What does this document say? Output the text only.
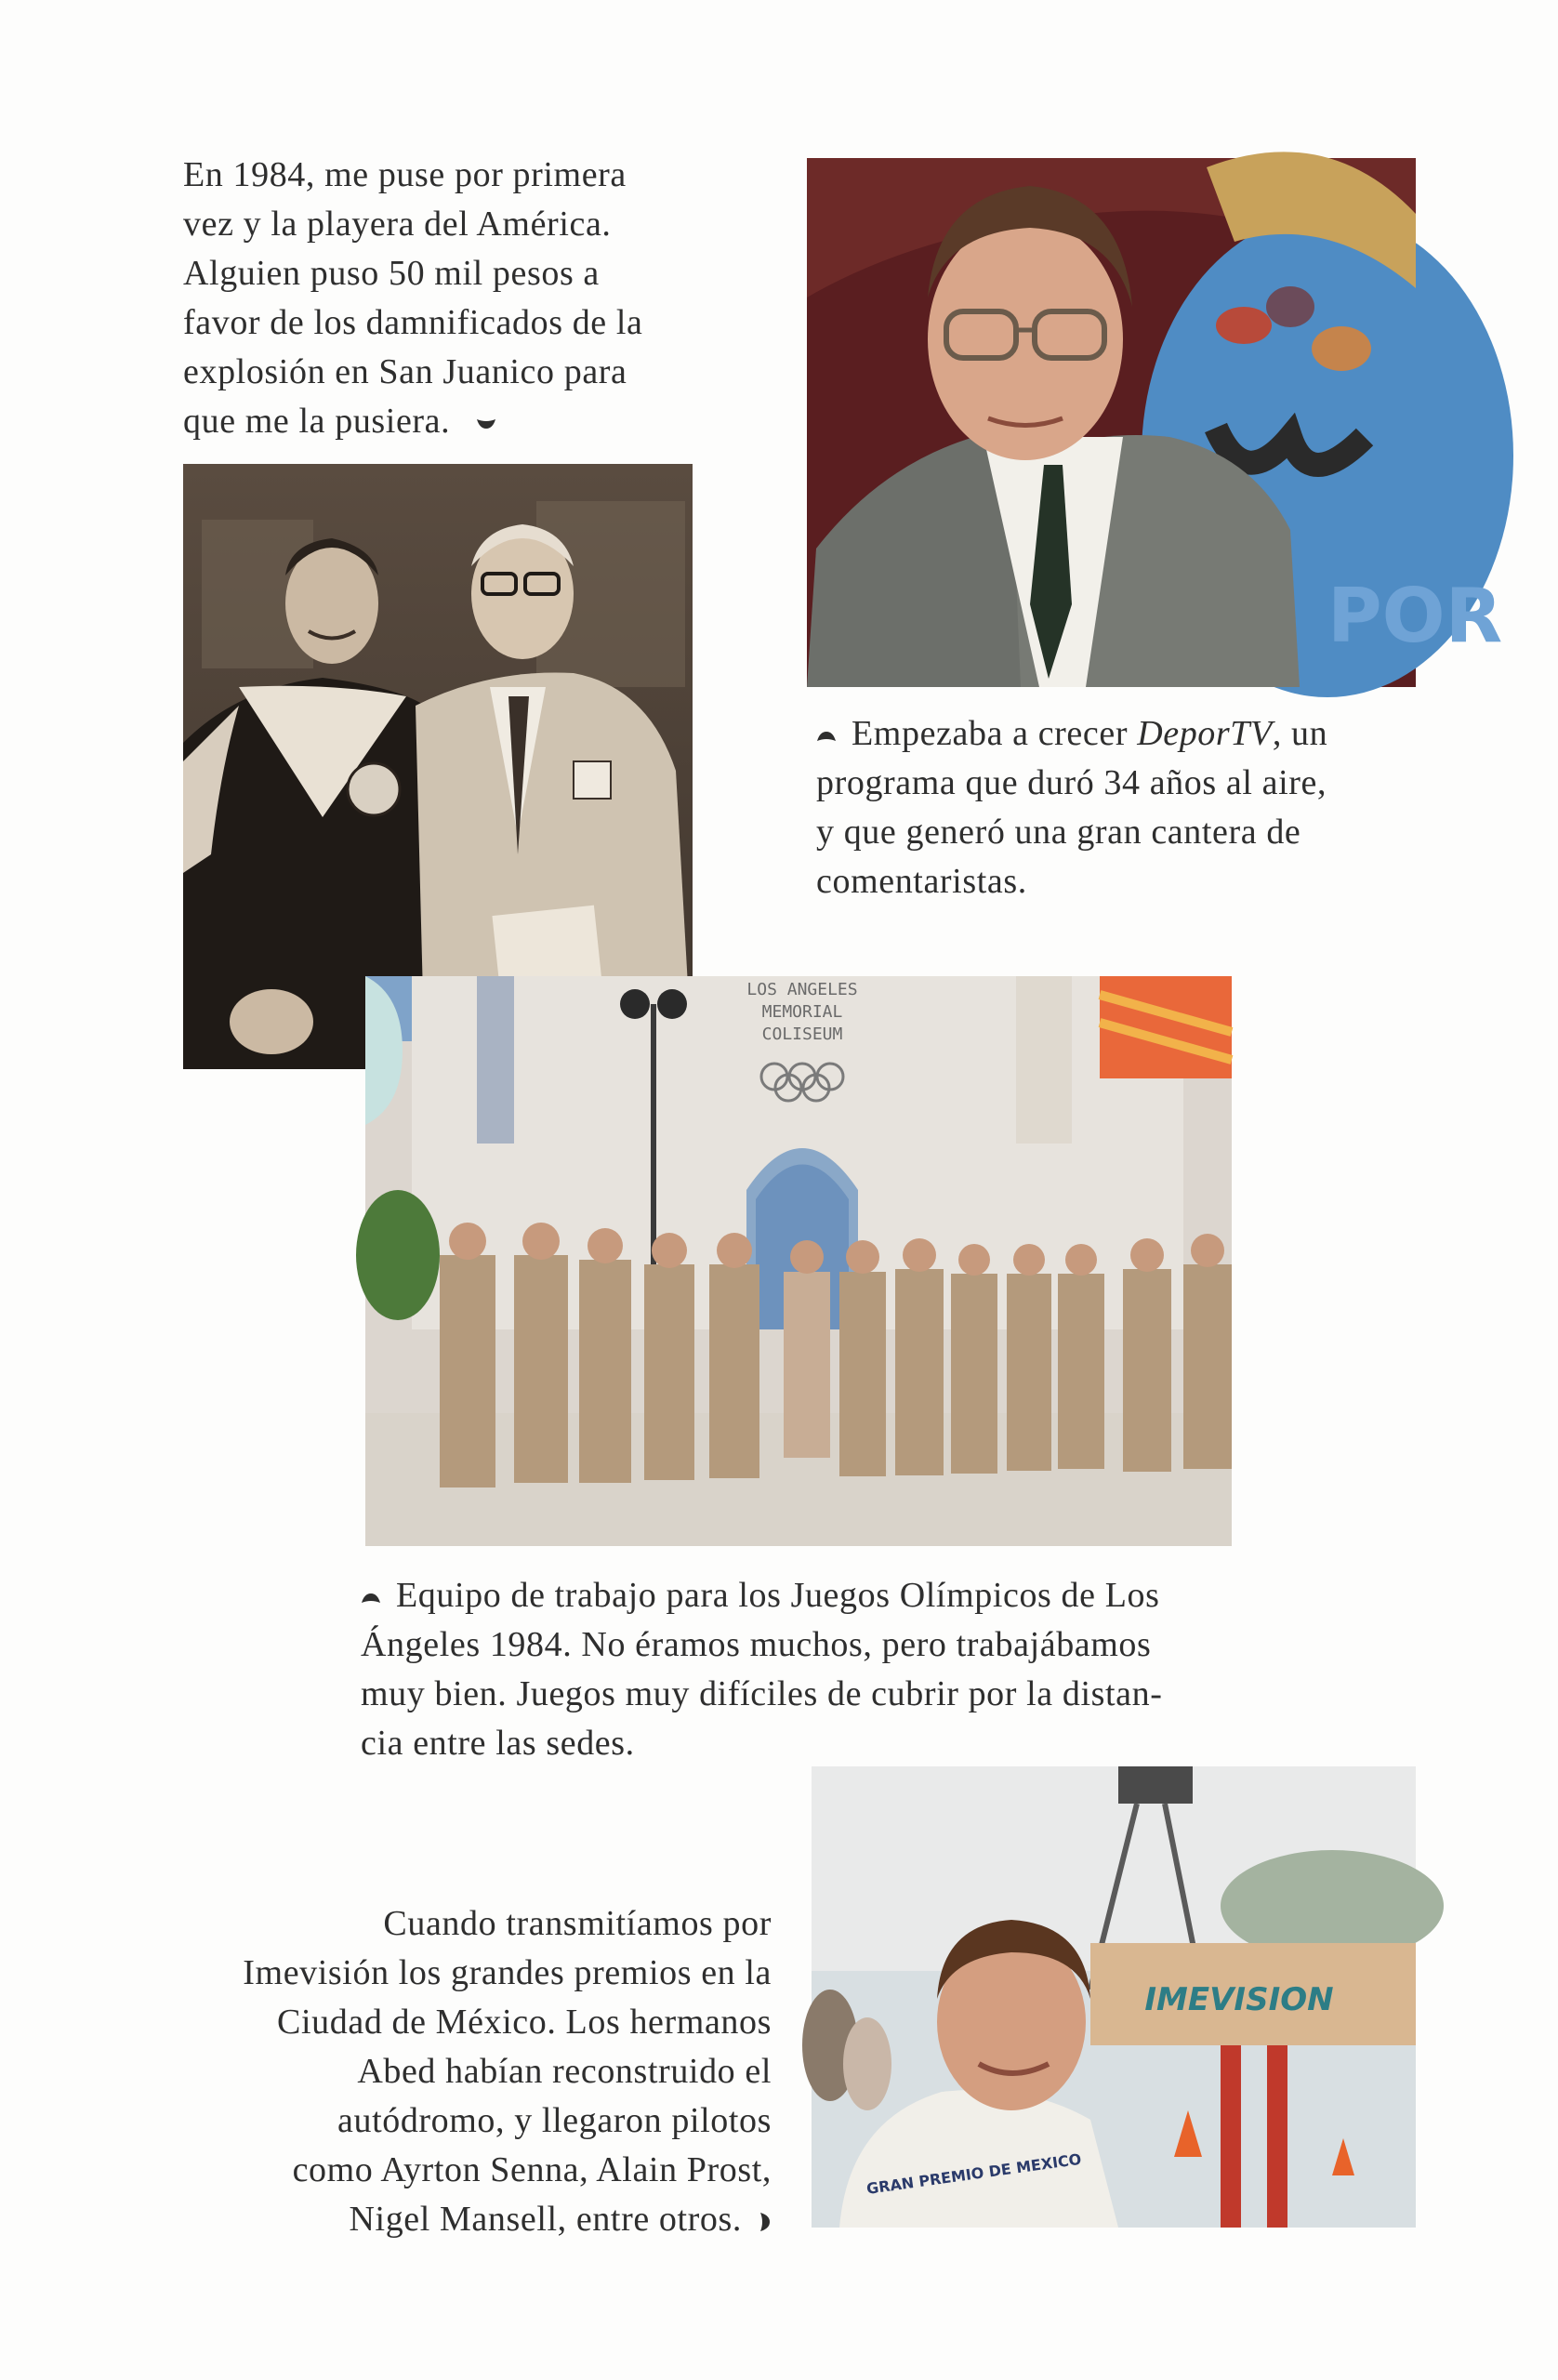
En 1984, me puse por primera
vez y la playera del América.
Alguien puso 50 mil pesos a
favor de los damnificados de la
explosión en San Juanico para
que me la pusiera.
POR
Empezaba a crecer DeporTV, un
programa que duró 34 años al aire,
y que generó una gran cantera de
comentaristas.
LOS ANGELES
MEMORIAL
COLISEUM
Equipo de trabajo para los Juegos Olímpicos de Los
Ángeles 1984. No éramos muchos, pero trabajábamos
muy bien. Juegos muy difíciles de cubrir por la distan-
cia entre las sedes.
IMEVISION
GRAN PREMIO DE MEXICO
Cuando transmitíamos por
Imevisión los grandes premios en la
Ciudad de México. Los hermanos
Abed habían reconstruido el
autódromo, y llegaron pilotos
como Ayrton Senna, Alain Prost,
Nigel Mansell, entre otros.
